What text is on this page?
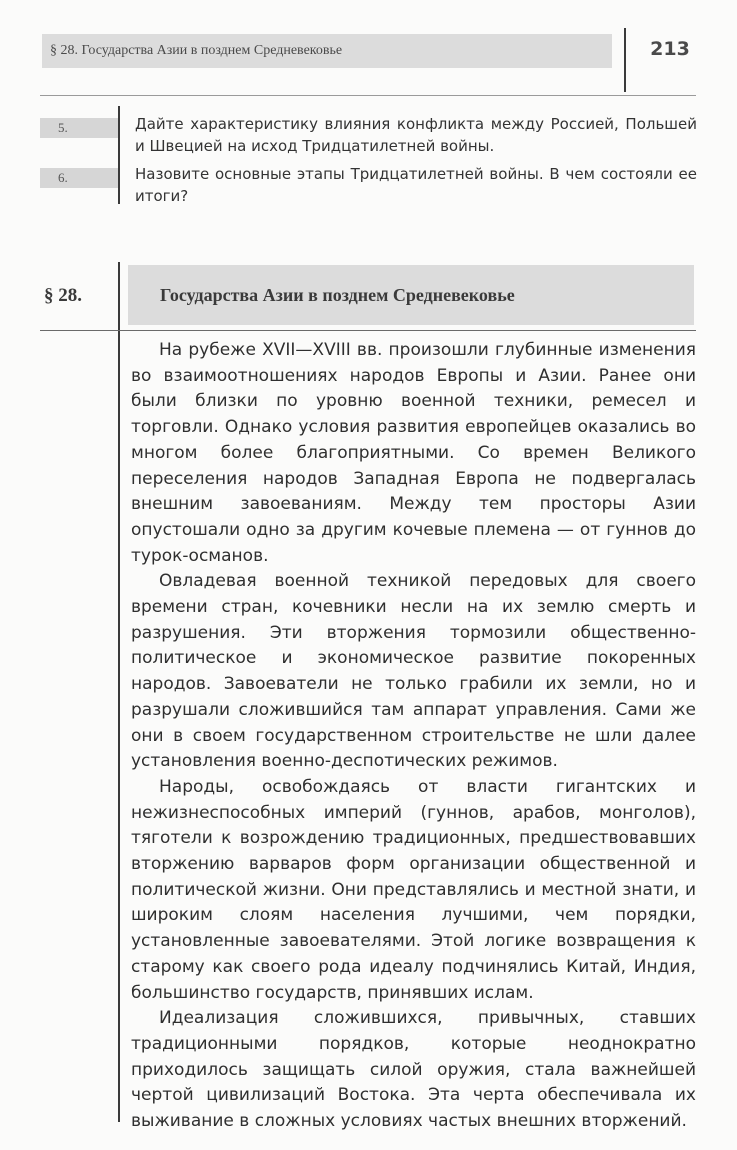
§ 28. Государства Азии в позднем Средневековье	213
5.	Дайте характеристику влияния конфликта между Россией, Польшей и Швецией на исход Тридцатилетней войны.
6.	Назовите основные этапы Тридцатилетней войны. В чем состояли ее итоги?
§ 28.	Государства Азии в позднем Средневековье

На рубеже XVII—XVIII вв. произошли глубинные изменения во взаимоотношениях народов Европы и Азии. Ранее они были близки по уровню военной техники, ремесел и торговли. Однако условия развития европейцев оказались во многом более благоприятными. Со времен Великого переселения народов Западная Европа не подвергалась внешним завоеваниям. Между тем просторы Азии опустошали одно за другим кочевые племена — от гуннов до турок-османов.

Овладевая военной техникой передовых для своего времени стран, кочевники несли на их землю смерть и разрушения. Эти вторжения тормозили общественно-политическое и экономическое развитие покоренных народов. Завоеватели не только грабили их земли, но и разрушали сложившийся там аппарат управления. Сами же они в своем государственном строительстве не шли далее установления военно-деспотических режимов.

Народы, освобождаясь от власти гигантских и нежизнеспособных империй (гуннов, арабов, монголов), тяготели к возрождению традиционных, предшествовавших вторжению варваров форм организации общественной и политической жизни. Они представлялись и местной знати, и широким слоям населения лучшими, чем порядки, установленные завоевателями. Этой логике возвращения к старому как своего рода идеалу подчинялись Китай, Индия, большинство государств, принявших ислам.

Идеализация сложившихся, привычных, ставших традиционными порядков, которые неоднократно приходилось защищать силой оружия, стала важнейшей чертой цивилизаций Востока. Эта черта обеспечивала их выживание в сложных условиях частых внешних вторжений.
